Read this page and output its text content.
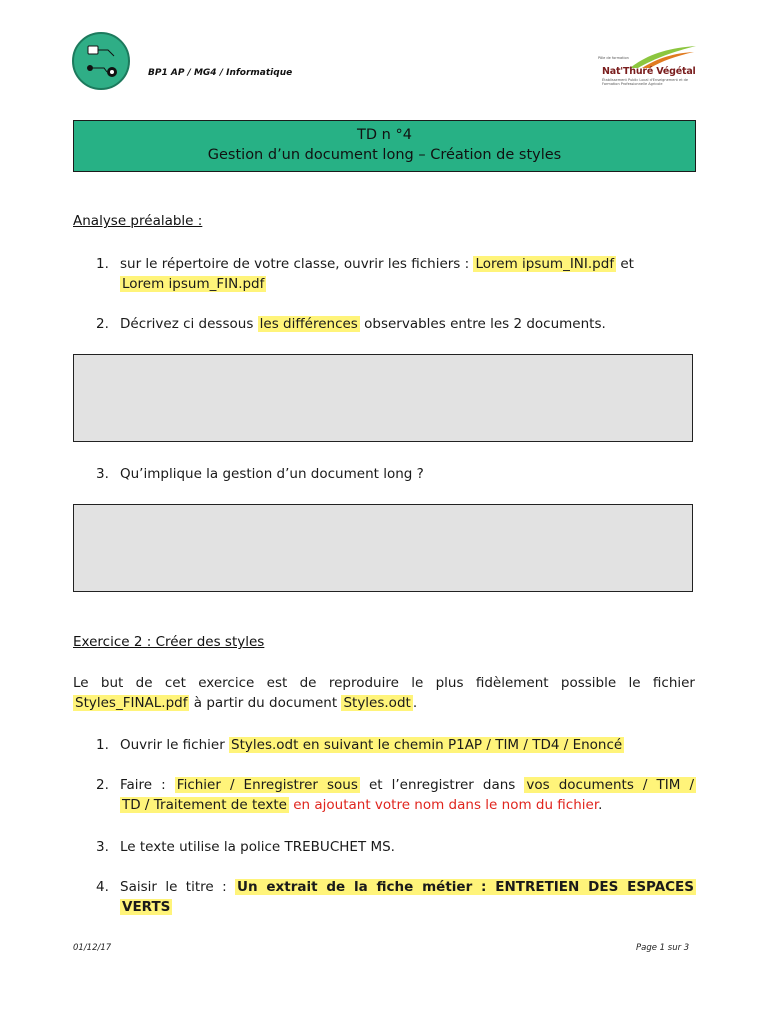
BP1 AP / MG4 / Informatique
Pôle de formation
Nat'Thuré Végétal
Établissement Public Local d'Enseignement et de Formation Professionnelle Agricole
TD n °4
Gestion d’un document long – Création de styles
Analyse préalable :
1. sur le répertoire de votre classe, ouvrir les fichiers : Lorem ipsum_INI.pdf et
Lorem ipsum_FIN.pdf
2. Décrivez ci dessous les différences observables entre les 2 documents.
3. Qu’implique la gestion d’un document long ?
Exercice 2 : Créer des styles
Le but de cet exercice est de reproduire le plus fidèlement possible le fichier
Styles_FINAL.pdf à partir du document Styles.odt .
1. Ouvrir le fichier Styles.odt en suivant le chemin P1AP / TIM / TD4 / Enoncé
2. Faire : Fichier / Enregistrer sous et l’enregistrer dans vos documents / TIM /
TD / Traitement de texte en ajoutant votre nom dans le nom du fichier.
3. Le texte utilise la police TREBUCHET MS.
4. Saisir le titre : Un extrait de la fiche métier : ENTRETIEN DES ESPACES
VERTS
01/12/17	Page 1 sur 3
